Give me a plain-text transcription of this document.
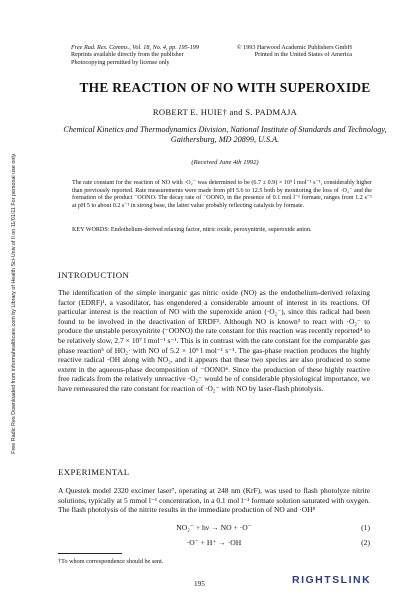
Free Rad. Res. Comms., Vol. 18, No. 4, pp. 195-199
Reprints available directly from the publisher
Photocopying permitted by license only
© 1993 Harwood Academic Publishers GmbH
Printed in the United States of America
THE REACTION OF NO WITH SUPEROXIDE
ROBERT E. HUIE† and S. PADMAJA
Chemical Kinetics and Thermodynamics Division, National Institute of Standards and Technology, Gaithersburg, MD 20899, U.S.A.
(Received June 4th 1992)
The rate constant for the reaction of NO with ·O₂⁻ was determined to be (6.7 ± 0.9) × 10⁹ l mol⁻¹ s⁻¹, considerably higher than previously reported. Rate measurements were made from pH 5.6 to 12.5 both by monitoring the loss of ·O₂⁻ and the formation of the product ⁻OONO. The decay rate of ⁻OONO, in the presence of 0.1 mol l⁻¹ formate, ranges from 1.2 s⁻¹ at pH 5 to about 0.2 s⁻¹ in strong base, the latter value probably reflecting catalysis by formate.
KEY WORDS: Endothelium-derived relaxing factor, nitric oxide, peroxynitrite, superoxide anion.
INTRODUCTION
The identification of the simple inorganic gas nitric oxide (NO) as the endothelium-derived relaxing factor (EDRF)¹, a vasodilator, has engendered a considerable amount of interest in its reactions. Of particular interest is the reaction of NO with the superoxide anion (·O₂⁻), since this radical had been found to be involved in the deactivation of ERDF². Although NO is known³ to react with ·O₂⁻ to produce the unstable peroxynitrite (⁻OONO) the rate constant for this reaction was recently reported⁴ to be relatively slow, 2.7 × 10⁷ l mol⁻¹ s⁻¹. This is in contrast with the rate constant for the comparable gas phase reaction⁵ of HO₂· with NO of 5.2 × 10⁹ l mol⁻¹ s⁻¹. The gas-phase reaction produces the highly reactive radical ·OH along with NO₂, and it appears that these two species are also produced to some extent in the aqueous-phase decomposition of ⁻OONO⁶. Since the production of these highly reactive free radicals from the relatively unreactive ·O₂⁻ would be of considerable physiological importance, we have remeasured the rate constant for reaction of ·O₂⁻ with NO by laser-flash photolysis.
EXPERIMENTAL
A Questek model 2320 excimer laser⁷, operating at 248 nm (KrF), was used to flash photolyze nitrite solutions, typically at 5 mmol l⁻¹ concentration, in a 0.1 mol l⁻¹ formate solution saturated with oxygen. The flash photolysis of the nitrite results in the immediate production of NO and ·OH⁸
NO₂⁻ + hν → NO + ·O⁻	(1)
·O⁻ + H⁺ → ·OH	(2)
†To whom correspondence should be sent.
195
Free Radic Res Downloaded from informahealthcare.com by Library of Health Sci-Univ of Il on 11/01/11 For personal use only.
RIGHTSLINK
